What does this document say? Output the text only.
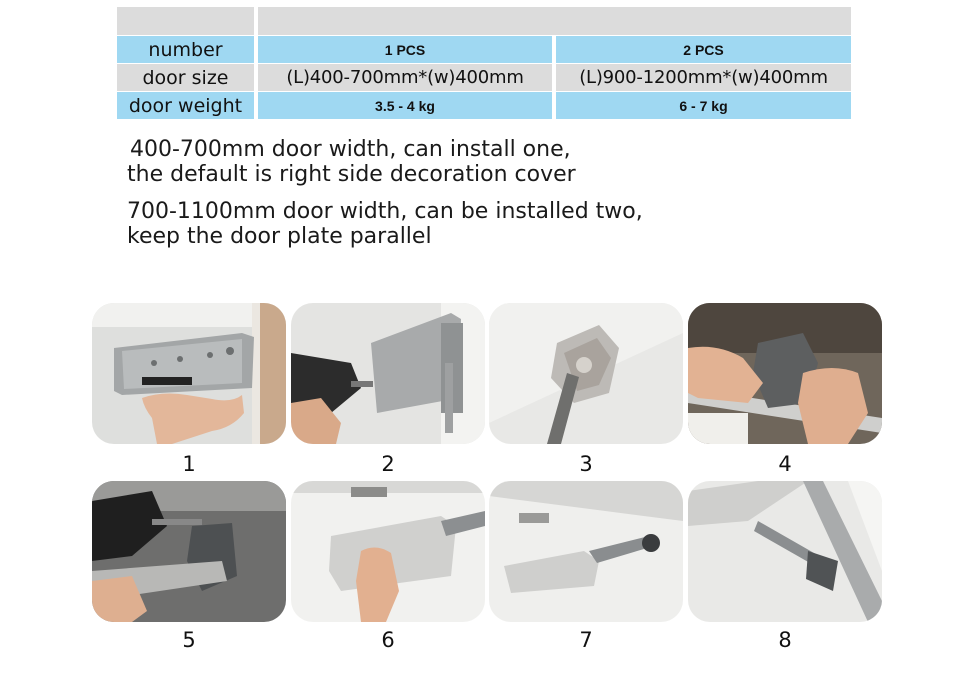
number	1 PCS	2 PCS
door size	(L)400-700mm*(w)400mm	(L)900-1200mm*(w)400mm
door weight	3.5 - 4 kg	6 - 7 kg
400-700mm door width, can install one,
the default is right side decoration cover
700-1100mm door width, can be installed two,
keep the door plate parallel
1	2	3	4
5	6	7	8
